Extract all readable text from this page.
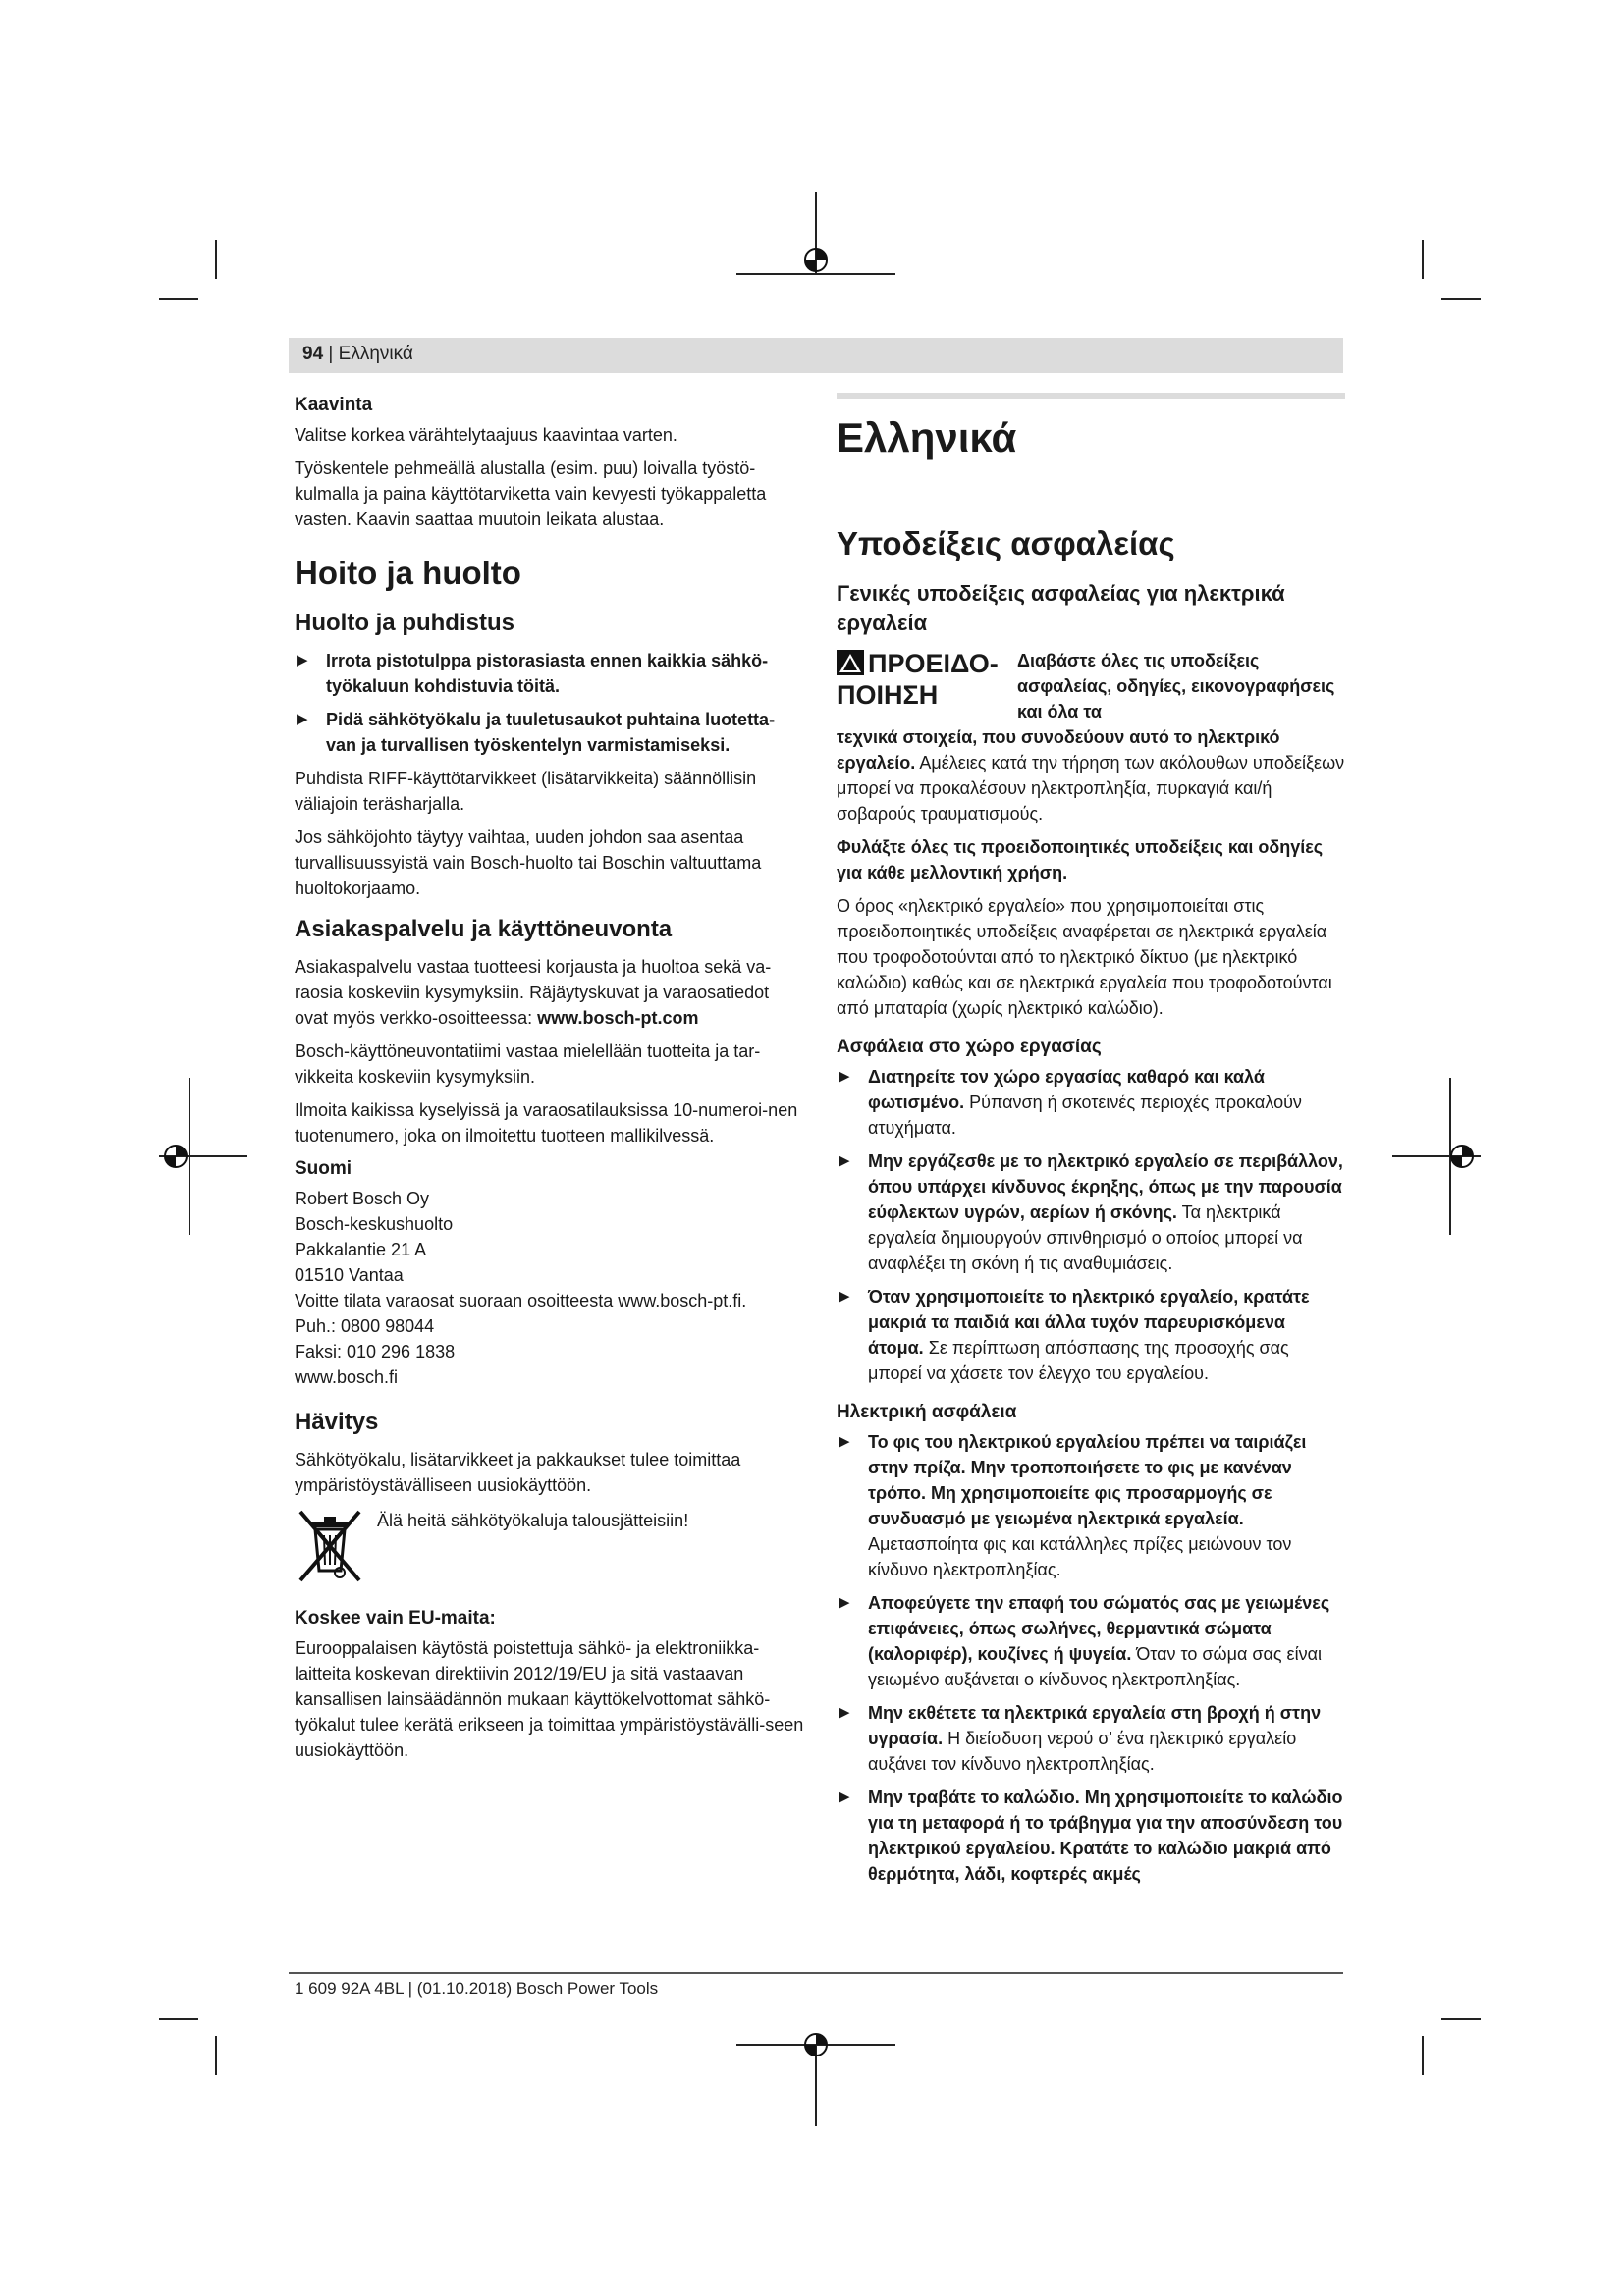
94 | Ελληνικά
Kaavinta

Valitse korkea värähtelytaajuus kaavintaa varten.

Työskentele pehmeällä alustalla (esim. puu) loivalla työstö-kulmalla ja paina käyttötarviketta vain kevyesti työkappaletta vasten. Kaavin saattaa muutoin leikata alustaa.

Hoito ja huolto
Huolto ja puhdistus
▶ Irrota pistotulppa pistorasiasta ennen kaikkia sähkö-työkaluun kohdistuvia töitä.
▶ Pidä sähkötyökalu ja tuuletusaukot puhtaina luotetta-van ja turvallisen työskentelyn varmistamiseksi.

Puhdista RIFF-käyttötarvikkeet (lisätarvikkeita) säännöllisin väliajoin teräsharjalla.

Jos sähköjohto täytyy vaihtaa, uuden johdon saa asentaa turvallisuussyistä vain Bosch-huolto tai Boschin valtuuttama huoltokorjaamo.

Asiakaspalvelu ja käyttöneuvonta

Asiakaspalvelu vastaa tuotteesi korjausta ja huoltoa sekä va-raosia koskeviin kysymyksiin. Räjäytyskuvat ja varaosatiedot ovat myös verkko-osoitteessa: www.bosch-pt.com

Bosch-käyttöneuvontatiimi vastaa mielellään tuotteita ja tar-vikkeita koskeviin kysymyksiin.

Ilmoita kaikissa kyselyissä ja varaosatilauksissa 10-numeroi-nen tuotenumero, joka on ilmoitettu tuotteen mallikilvessä.

Suomi

Robert Bosch Oy

Bosch-keskushuolto

Pakkalantie 21 A

01510 Vantaa

Voitte tilata varaosat suoraan osoitteesta www.bosch-pt.fi.

Puh.: 0800 98044

Faksi: 010 296 1838

www.bosch.fi

Hävitys

Sähkötyökalu, lisätarvikkeet ja pakkaukset tulee toimittaa ympäristöystävälliseen uusiokäyttöön.

Älä heitä sähkötyökaluja talousjätteisiin!
Koskee vain EU-maita:

Eurooppalaisen käytöstä poistettuja sähkö- ja elektroniikka-laitteita koskevan direktiivin 2012/19/EU ja sitä vastaavan kansallisen lainsäädännön mukaan käyttökelvottomat sähkö-työkalut tulee kerätä erikseen ja toimittaa ympäristöystävälli-seen uusiokäyttöön.

Ελληνικά
Υποδείξεις ασφαλείας
Γενικές υποδείξεις ασφαλείας για ηλεκτρικά εργαλεία
ΠΡΟΕΙΔΟ-ΠΟΙΗΣΗ
Διαβάστε όλες τις υποδείξεις ασφαλείας, οδηγίες, εικονογραφήσεις και όλα τα

τεχνικά στοιχεία, που συνοδεύουν αυτό το ηλεκτρικό εργαλείο. Αμέλειες κατά την τήρηση των ακόλουθων υποδείξεων μπορεί να προκαλέσουν ηλεκτροπληξία, πυρκαγιά και/ή σοβαρούς τραυματισμούς.

Φυλάξτε όλες τις προειδοποιητικές υποδείξεις και οδηγίες για κάθε μελλοντική χρήση.

Ο όρος «ηλεκτρικό εργαλείο» που χρησιμοποιείται στις προειδοποιητικές υποδείξεις αναφέρεται σε ηλεκτρικά εργαλεία που τροφοδοτούνται από το ηλεκτρικό δίκτυο (με ηλεκτρικό καλώδιο) καθώς και σε ηλεκτρικά εργαλεία που τροφοδοτούνται από μπαταρία (χωρίς ηλεκτρικό καλώδιο).

Ασφάλεια στο χώρο εργασίας
▶ Διατηρείτε τον χώρο εργασίας καθαρό και καλά φωτισμένο. Ρύπανση ή σκοτεινές περιοχές προκαλούν ατυχήματα.
▶ Μην εργάζεσθε με το ηλεκτρικό εργαλείο σε περιβάλλον, όπου υπάρχει κίνδυνος έκρηξης, όπως με την παρουσία εύφλεκτων υγρών, αερίων ή σκόνης. Τα ηλεκτρικά εργαλεία δημιουργούν σπινθηρισμό ο οποίος μπορεί να αναφλέξει τη σκόνη ή τις αναθυμιάσεις.
▶ Όταν χρησιμοποιείτε το ηλεκτρικό εργαλείο, κρατάτε μακριά τα παιδιά και άλλα τυχόν παρευρισκόμενα άτομα. Σε περίπτωση απόσπασης της προσοχής σας μπορεί να χάσετε τον έλεγχο του εργαλείου.
Ηλεκτρική ασφάλεια
▶ Το φις του ηλεκτρικού εργαλείου πρέπει να ταιριάζει στην πρίζα. Μην τροποποιήσετε το φις με κανέναν τρόπο. Μη χρησιμοποιείτε φις προσαρμογής σε συνδυασμό με γειωμένα ηλεκτρικά εργαλεία. Αμετασποίητα φις και κατάλληλες πρίζες μειώνουν τον κίνδυνο ηλεκτροπληξίας.
▶ Αποφεύγετε την επαφή του σώματός σας με γειωμένες επιφάνειες, όπως σωλήνες, θερμαντικά σώματα (καλοριφέρ), κουζίνες ή ψυγεία. Όταν το σώμα σας είναι γειωμένο αυξάνεται ο κίνδυνος ηλεκτροπληξίας.
▶ Μην εκθέτετε τα ηλεκτρικά εργαλεία στη βροχή ή στην υγρασία. Η διείσδυση νερού σ' ένα ηλεκτρικό εργαλείο αυξάνει τον κίνδυνο ηλεκτροπληξίας.
▶ Μην τραβάτε το καλώδιο. Μη χρησιμοποιείτε το καλώδιο για τη μεταφορά ή το τράβηγμα για την αποσύνδεση του ηλεκτρικού εργαλείου. Κρατάτε το καλώδιο μακριά από θερμότητα, λάδι, κοφτερές ακμές
1 609 92A 4BL | (01.10.2018) Bosch Power Tools
